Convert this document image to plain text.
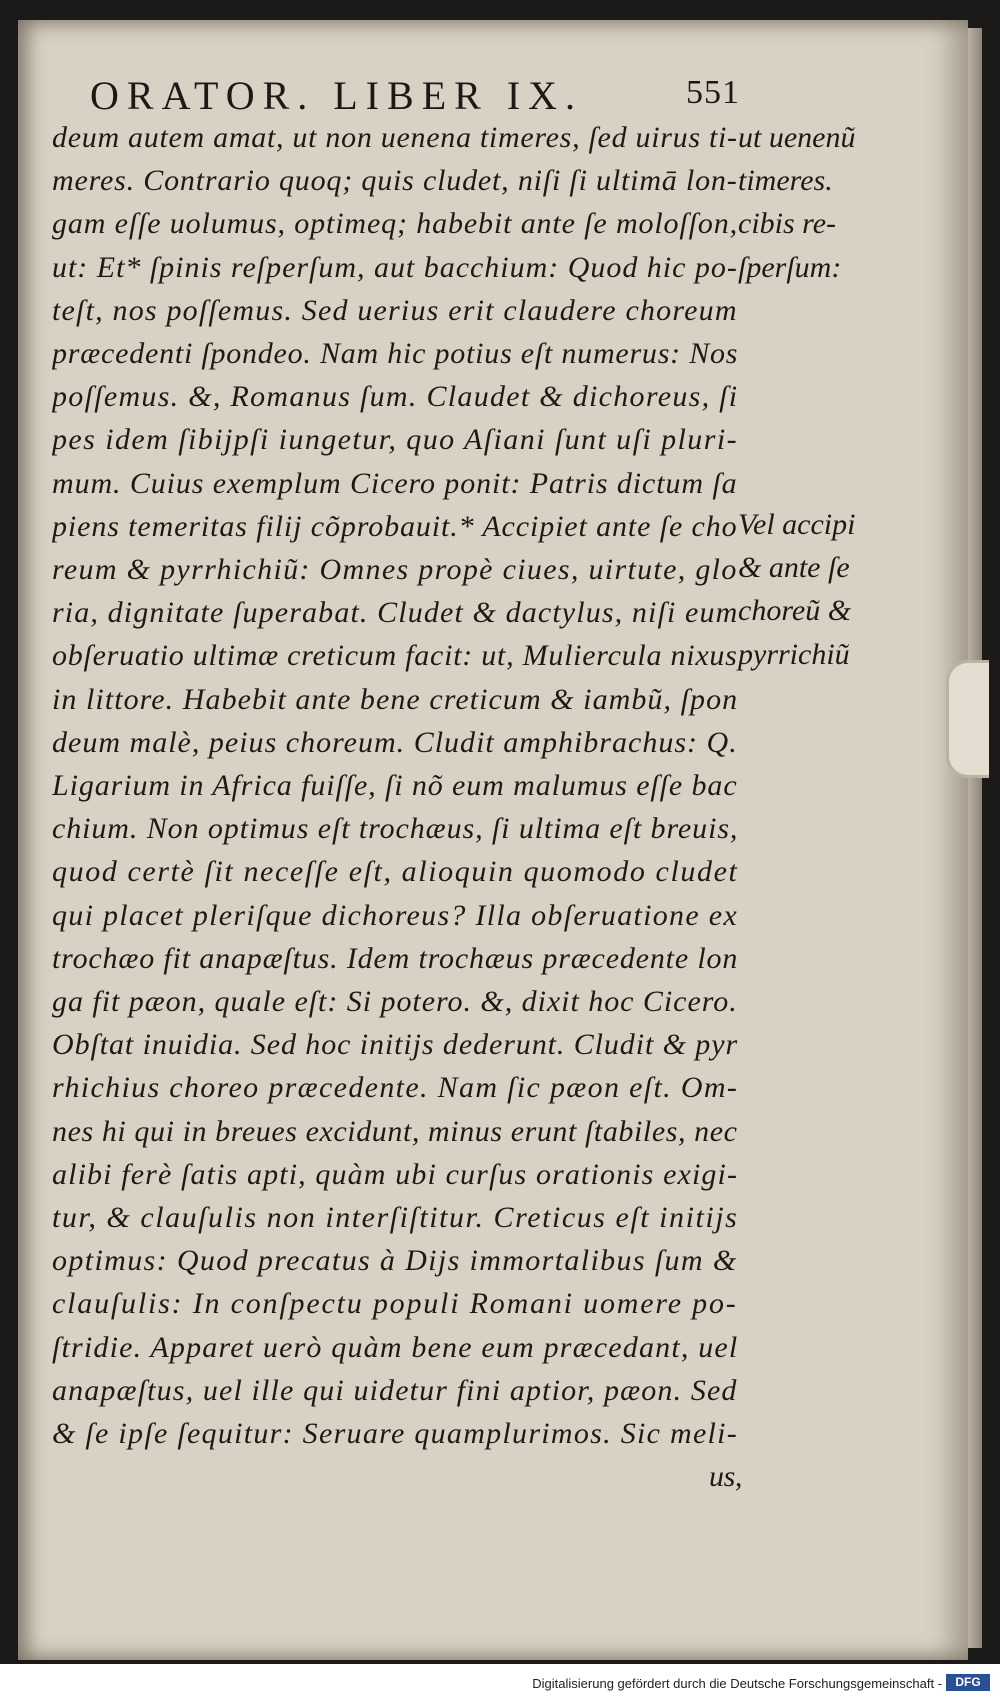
ORATOR. LIBER IX.	551
deum autem amat, ut non uenena timeres, ſed uirus ti-
meres. Contrario quoq; quis cludet, niſi ſi ultimā lon-
gam eſſe uolumus, optimeq; habebit ante ſe moloſſon,
ut: Et* ſpinis reſperſum, aut bacchium: Quod hic po-
teſt, nos poſſemus. Sed uerius erit claudere choreum
præcedenti ſpondeo. Nam hic potius eſt numerus: Nos
poſſemus. &, Romanus ſum. Claudet & dichoreus, ſi
pes idem ſibijpſi iungetur, quo Aſiani ſunt uſi pluri-
mum. Cuius exemplum Cicero ponit: Patris dictum ſa
piens temeritas filij cõprobauit.* Accipiet ante ſe cho
reum & pyrrhichiũ: Omnes propè ciues, uirtute, glo
ria, dignitate ſuperabat. Cludet & dactylus, niſi eum
obſeruatio ultimæ creticum facit: ut, Muliercula nixus
in littore. Habebit ante bene creticum & iambũ, ſpon
deum malè, peius choreum. Cludit amphibrachus: Q.
Ligarium in Africa fuiſſe, ſi nõ eum malumus eſſe bac
chium. Non optimus eſt trochæus, ſi ultima eſt breuis,
quod certè ſit neceſſe eſt, alioquin quomodo cludet
qui placet pleriſque dichoreus? Illa obſeruatione ex
trochæo fit anapæſtus. Idem trochæus præcedente lon
ga fit pæon, quale eſt: Si potero. &, dixit hoc Cicero.
Obſtat inuidia. Sed hoc initijs dederunt. Cludit & pyr
rhichius choreo præcedente. Nam ſic pæon eſt. Om-
nes hi qui in breues excidunt, minus erunt ſtabiles, nec
alibi ferè ſatis apti, quàm ubi curſus orationis exigi-
tur, & clauſulis non interſiſtitur. Creticus eſt initijs
optimus: Quod precatus à Dijs immortalibus ſum &
clauſulis: In conſpectu populi Romani uomere po-
ſtridie. Apparet uerò quàm bene eum præcedant, uel
anapæſtus, uel ille qui uidetur fini aptior, pæon. Sed
& ſe ipſe ſequitur: Seruare quamplurimos. Sic meli-
us,
ut uenenũ
timeres.
cibis re-
ſperſum:
Vel accipi
& ante ſe
choreũ &
pyrrichiũ
Digitalisierung gefördert durch die Deutsche Forschungsgemeinschaft -	DFG
